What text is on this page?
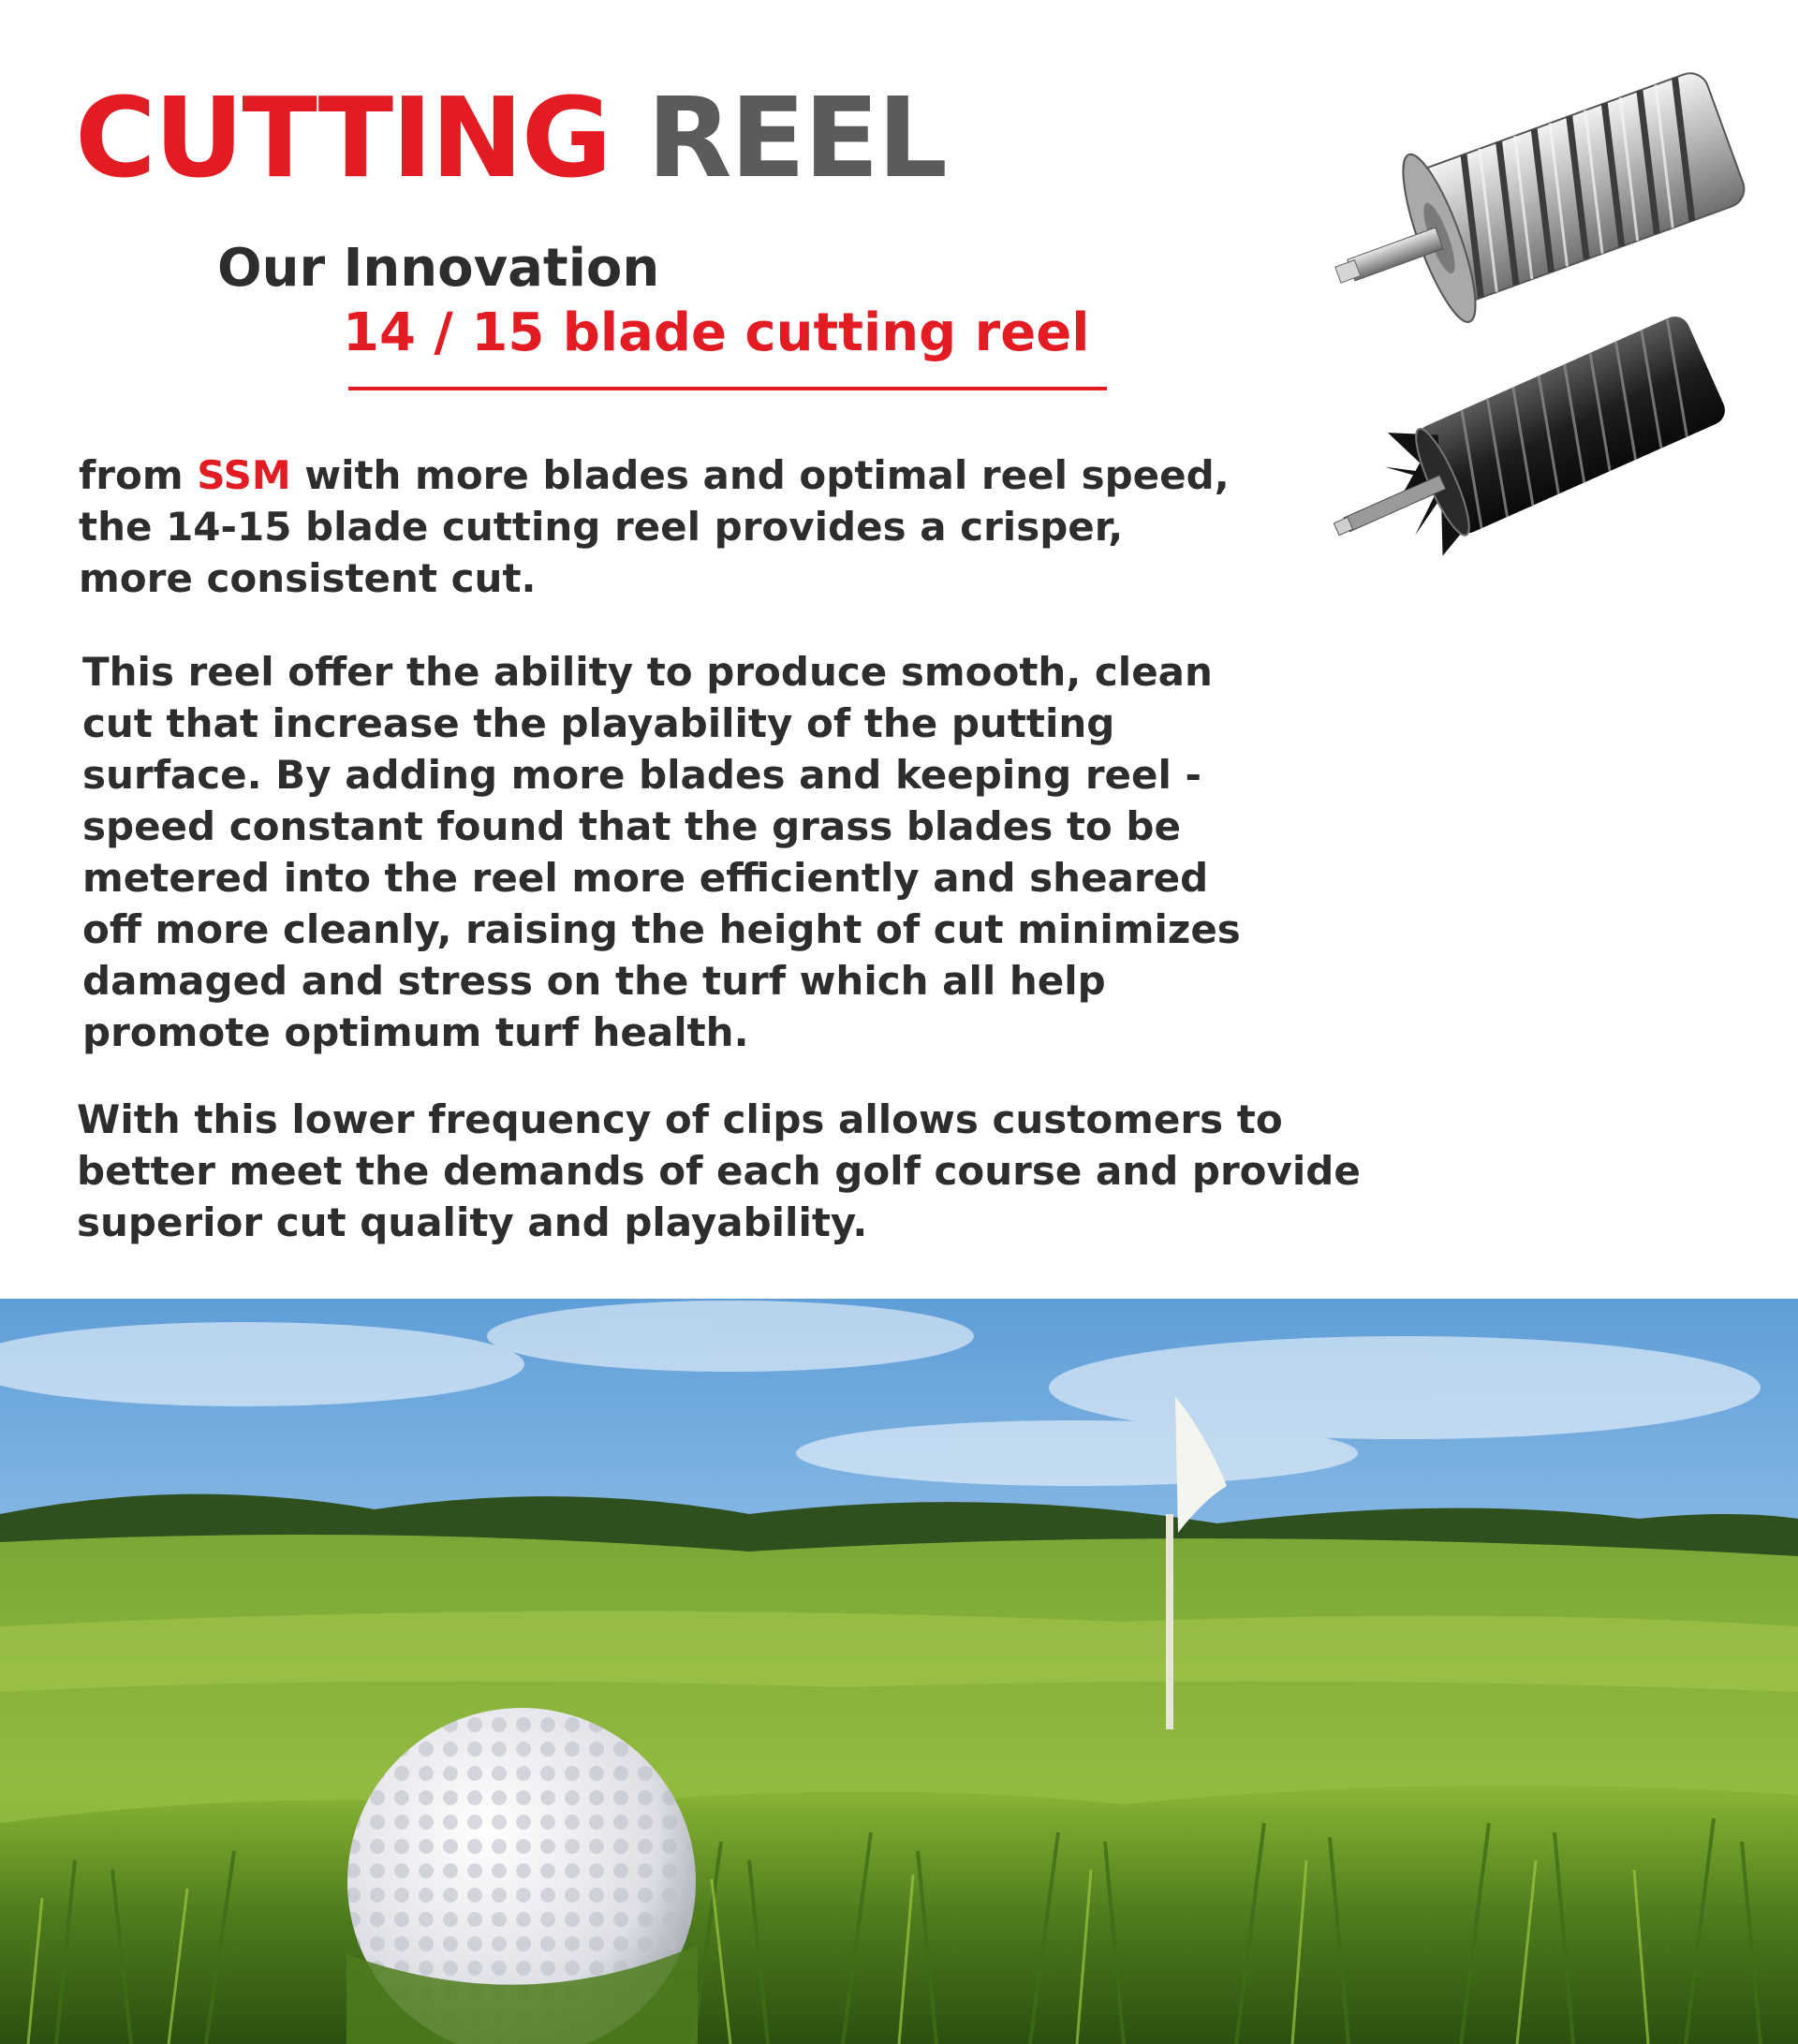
CUTTING REEL
Our Innovation
14 / 15 blade cutting reel

from SSM with more blades and optimal reel speed,
the 14-15 blade cutting reel provides a crisper,
more consistent cut.

This reel offer the ability to produce smooth, clean
cut that increase the playability of the putting
surface. By adding more blades and keeping reel -
speed constant found that the grass blades to be
metered into the reel more efficiently and sheared
off more cleanly, raising the height of cut minimizes
damaged and stress on the turf which all help
promote optimum turf health.

With this lower frequency of clips allows customers to
better meet the demands of each golf course and provide
superior cut quality and playability.
